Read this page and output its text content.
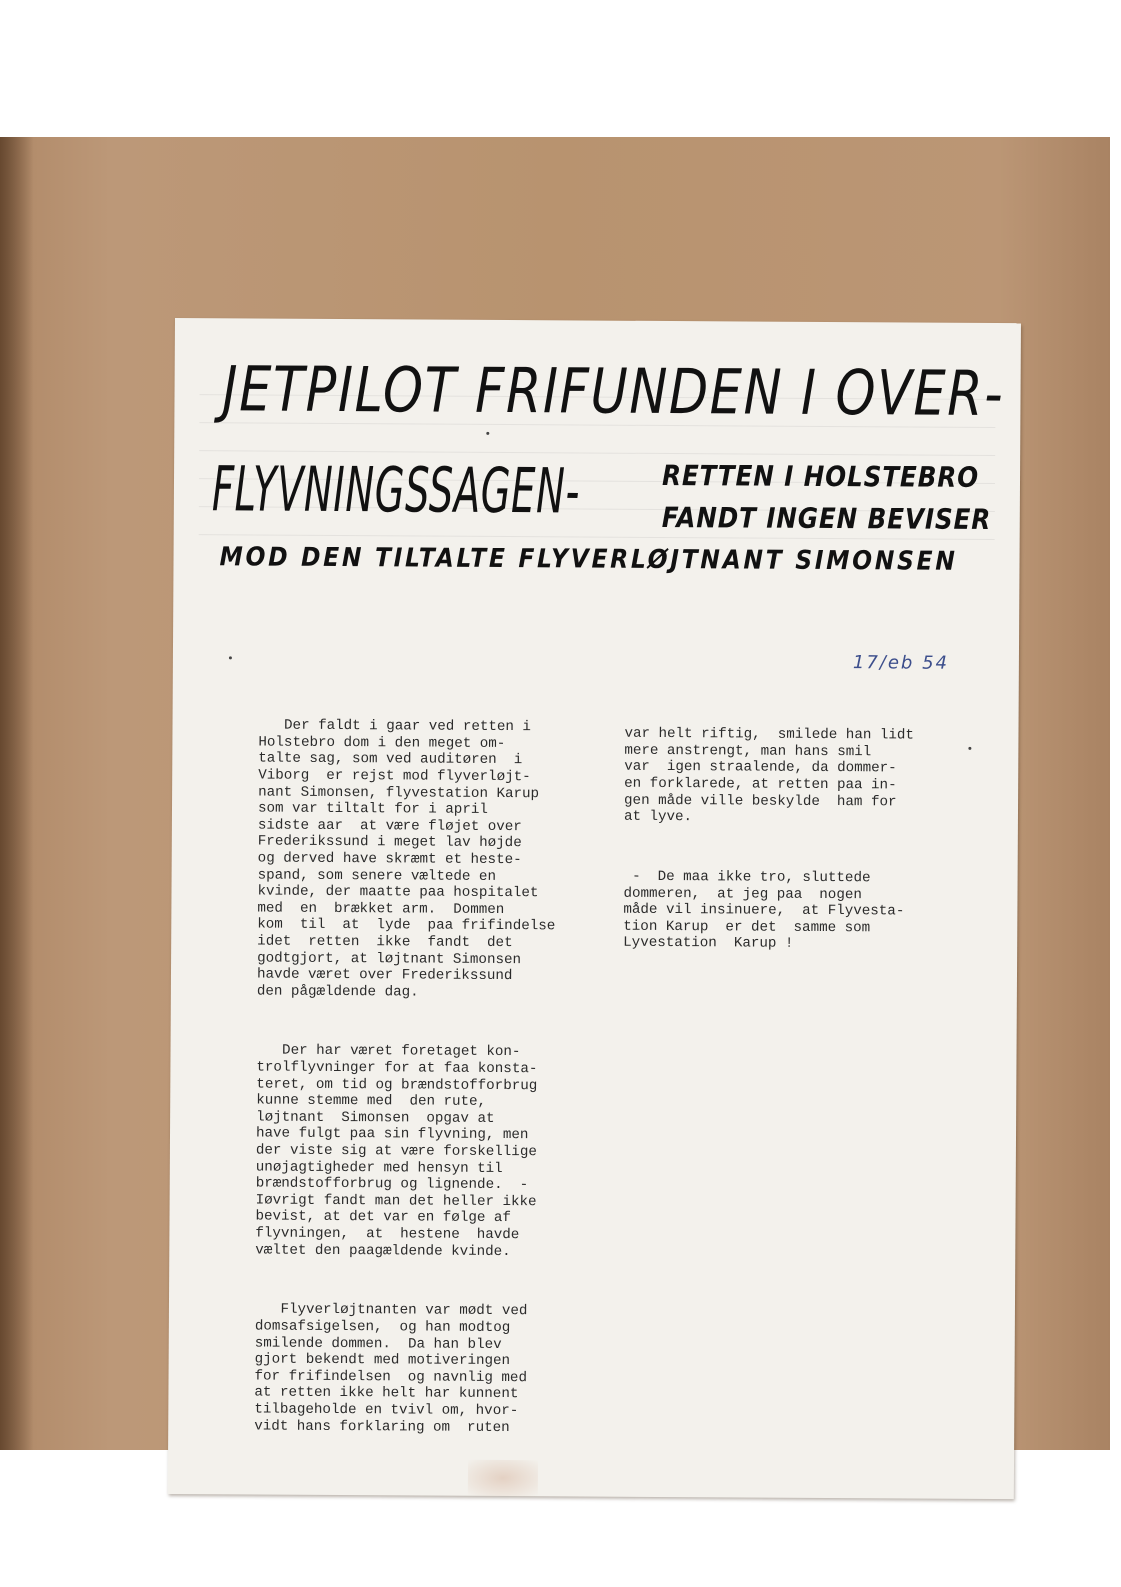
JETPILOT FRIFUNDEN I OVER-
FLYVNINGSSAGEN-	RETTEN I HOLSTEBRO
FANDT INGEN BEVISER
MOD DEN TILTALTE FLYVERLØJTNANT SIMONSEN
17/eb 54

Der faldt i gaar ved retten i
Holstebro dom i den meget om-
talte sag, som ved auditøren  i
Viborg  er rejst mod flyverløjt-
nant Simonsen, flyvestation Karup
som var tiltalt for i april
sidste aar  at være fløjet over
Frederikssund i meget lav højde
og derved have skræmt et heste-
spand, som senere væltede en
kvinde, der maatte paa hospitalet
med  en  brækket arm.  Dommen
kom  til  at  lyde  paa frifindelse
idet  retten  ikke  fandt  det
godtgjort, at løjtnant Simonsen
havde været over Frederikssund
den pågældende dag.

Der har været foretaget kon-
trolflyvninger for at faa konsta-
teret, om tid og brændstofforbrug
kunne stemme med  den rute,
løjtnant  Simonsen  opgav at
have fulgt paa sin flyvning, men
der viste sig at være forskellige
unøjagtigheder med hensyn til
brændstofforbrug og lignende.  -
Iøvrigt fandt man det heller ikke
bevist, at det var en følge af
flyvningen,  at  hestene  havde
væltet den paagældende kvinde.

Flyverløjtnanten var mødt ved
domsafsigelsen,  og han modtog
smilende dommen.  Da han blev
gjort bekendt med motiveringen
for frifindelsen  og navnlig med
at retten ikke helt har kunnent
tilbageholde en tvivl om, hvor-
vidt hans forklaring om  ruten

var helt riftig,  smilede han lidt
mere anstrengt, man hans smil
var  igen straalende, da dommer-
en forklarede, at retten paa in-
gen måde ville beskylde  ham for
at lyve.

-  De maa ikke tro, sluttede
dommeren,  at jeg paa  nogen
måde vil insinuere,  at Flyvesta-
tion Karup  er det  samme som
Lyvestation  Karup !
